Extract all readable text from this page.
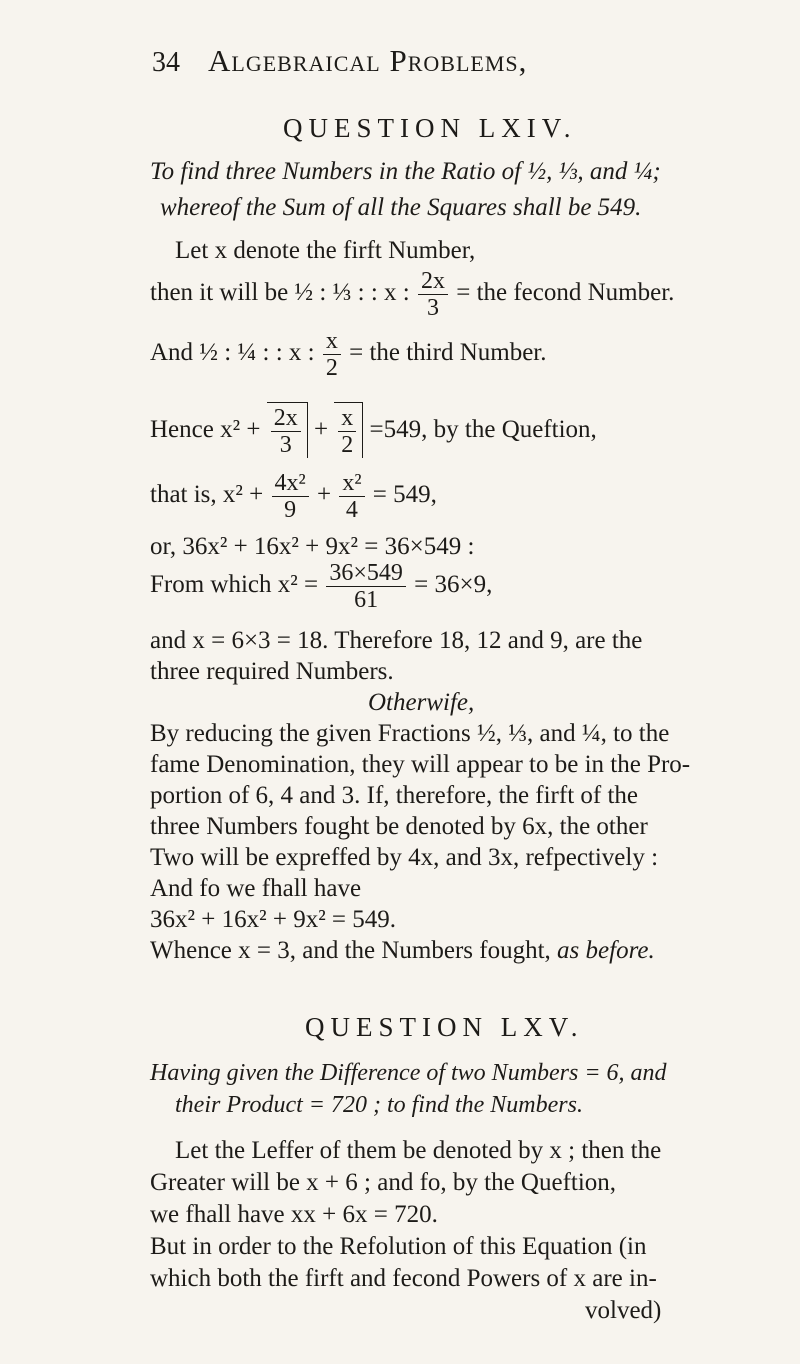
34 Algebraical Problems,
QUESTION LXIV.
To find three Numbers in the Ratio of ½, ⅓, and ¼;
whereof the Sum of all the Squares shall be 549.
Let x denote the firft Number,
then it will be ½ : ⅓ : : x : $\frac{2x}{3}$ = the fecond Number.
And ½ : ¼ : : x : $\frac{x}{2}$ = the third Number.
Hence $x^2 + \frac{2x}{3} + \frac{x}{2} =549$, by the Queftion,
that is, $x^2 + \frac{\text{4x²}}{9} + \frac{\text{x²}}{4} = 549$,
or, 36x² + 16x² + 9x² = 36×549 :
From which $x^2 = \frac{36\times 549}{61} = 36\times 9$,
and x = 6×3 = 18. Therefore 18, 12 and 9, are the
three required Numbers.
Otherwife,
By reducing the given Fractions ½, ⅓, and ¼, to the
fame Denomination, they will appear to be in the Pro-
portion of 6, 4 and 3. If, therefore, the firft of the
three Numbers fought be denoted by 6x, the other
Two will be expreffed by 4x, and 3x, refpectively :
And fo we fhall have
36x² + 16x² + 9x² = 549.
Whence x = 3, and the Numbers fought, as before.
QUESTION LXV.
Having given the Difference of two Numbers = 6, and
their Product = 720 ; to find the Numbers.
Let the Leffer of them be denoted by x ; then the
Greater will be x + 6 ; and fo, by the Queftion,
we fhall have xx + 6x = 720.
But in order to the Refolution of this Equation (in
which both the firft and fecond Powers of x are in-
volved)
